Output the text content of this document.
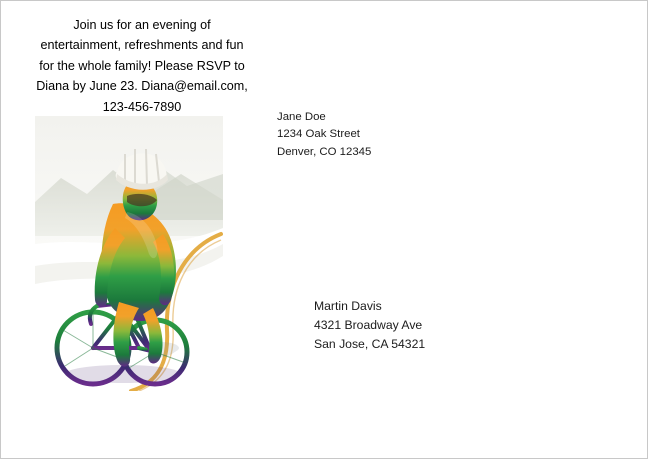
Join us for an evening of
entertainment, refreshments and fun
for the whole family! Please RSVP to
Diana by June 23. Diana@email.com,
123-456-7890
Jane Doe
1234 Oak Street
Denver, CO 12345
Martin Davis
4321 Broadway Ave
San Jose, CA 54321
